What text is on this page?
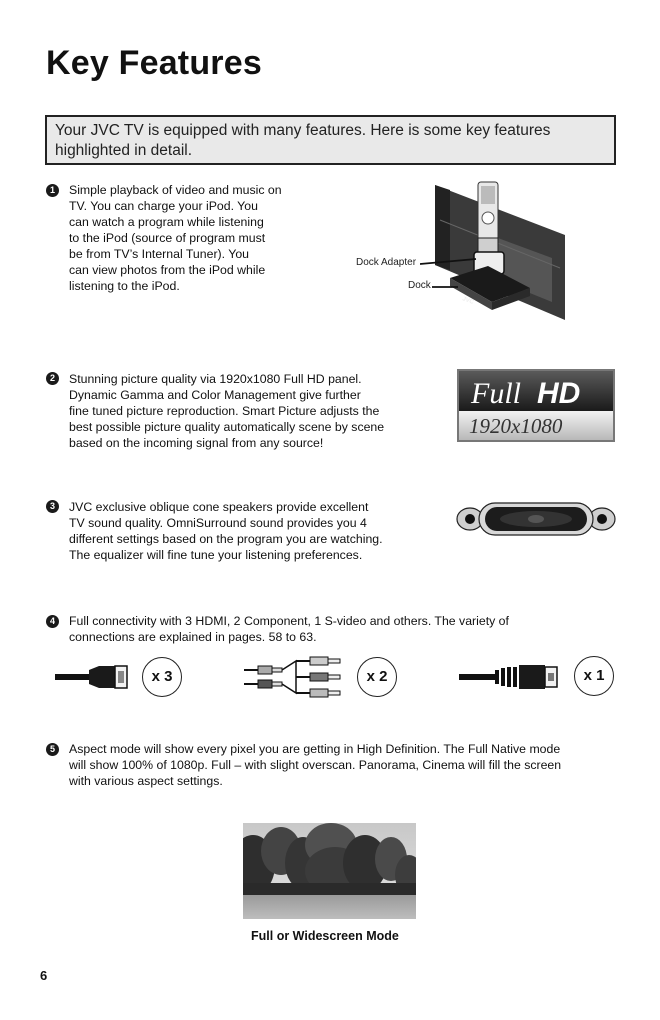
Key Features
Your JVC TV is equipped with many features. Here is some key features highlighted in detail.
1	Simple playback of video and music on
TV. You can charge your iPod. You
can watch a program while listening
to the iPod (source of program must
be from TV’s Internal Tuner). You
can view photos from the iPod while
listening to the iPod.
Dock Adapter
Dock
JVC
2	Stunning picture quality via 1920x1080 Full HD panel.
Dynamic Gamma and Color Management give further
fine tuned picture reproduction. Smart Picture adjusts the
best possible picture quality automatically scene by scene
based on the incoming signal from any source!
Full HD
1920x1080
3	JVC exclusive oblique cone speakers provide excellent
TV sound quality. OmniSurround sound provides you 4
different settings based on the program you are watching.
The equalizer will fine tune your listening preferences.
4	Full connectivity with 3 HDMI, 2 Component, 1 S-video and others. The variety of
connections are explained in pages. 58 to 63.
x 3	x 2	x 1
5	Aspect mode will show every pixel you are getting in High Definition. The Full Native mode
will show 100% of 1080p. Full – with slight overscan. Panorama, Cinema will fill the screen
with various aspect settings.
Full or Widescreen Mode
6
